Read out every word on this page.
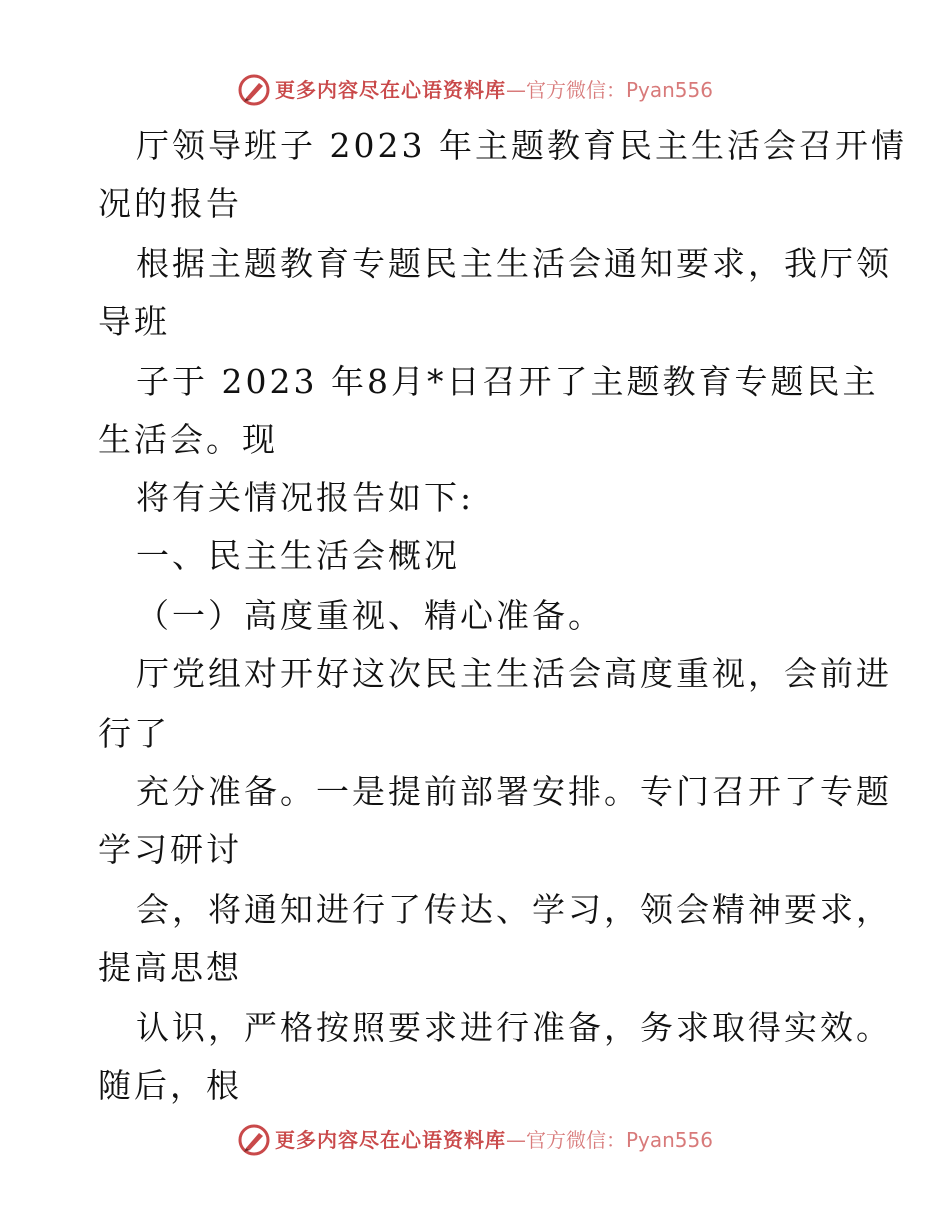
更多内容尽在心语资料库 —官方微信：Pyan556
厅领导班子 2023 年主题教育民主生活会召开情
况的报告
根据主题教育专题民主生活会通知要求，我厅领
导班
子于 2023 年8月*日召开了主题教育专题民主
生活会。现
将有关情况报告如下:
一、民主生活会概况
（一）高度重视、精心准备。
厅党组对开好这次民主生活会高度重视，会前进
行了
充分准备。一是提前部署安排。专门召开了专题
学习研讨
会，将通知进行了传达、学习，领会精神要求，
提高思想
认识，严格按照要求进行准备，务求取得实效。
随后，根
更多内容尽在心语资料库 —官方微信：Pyan556
